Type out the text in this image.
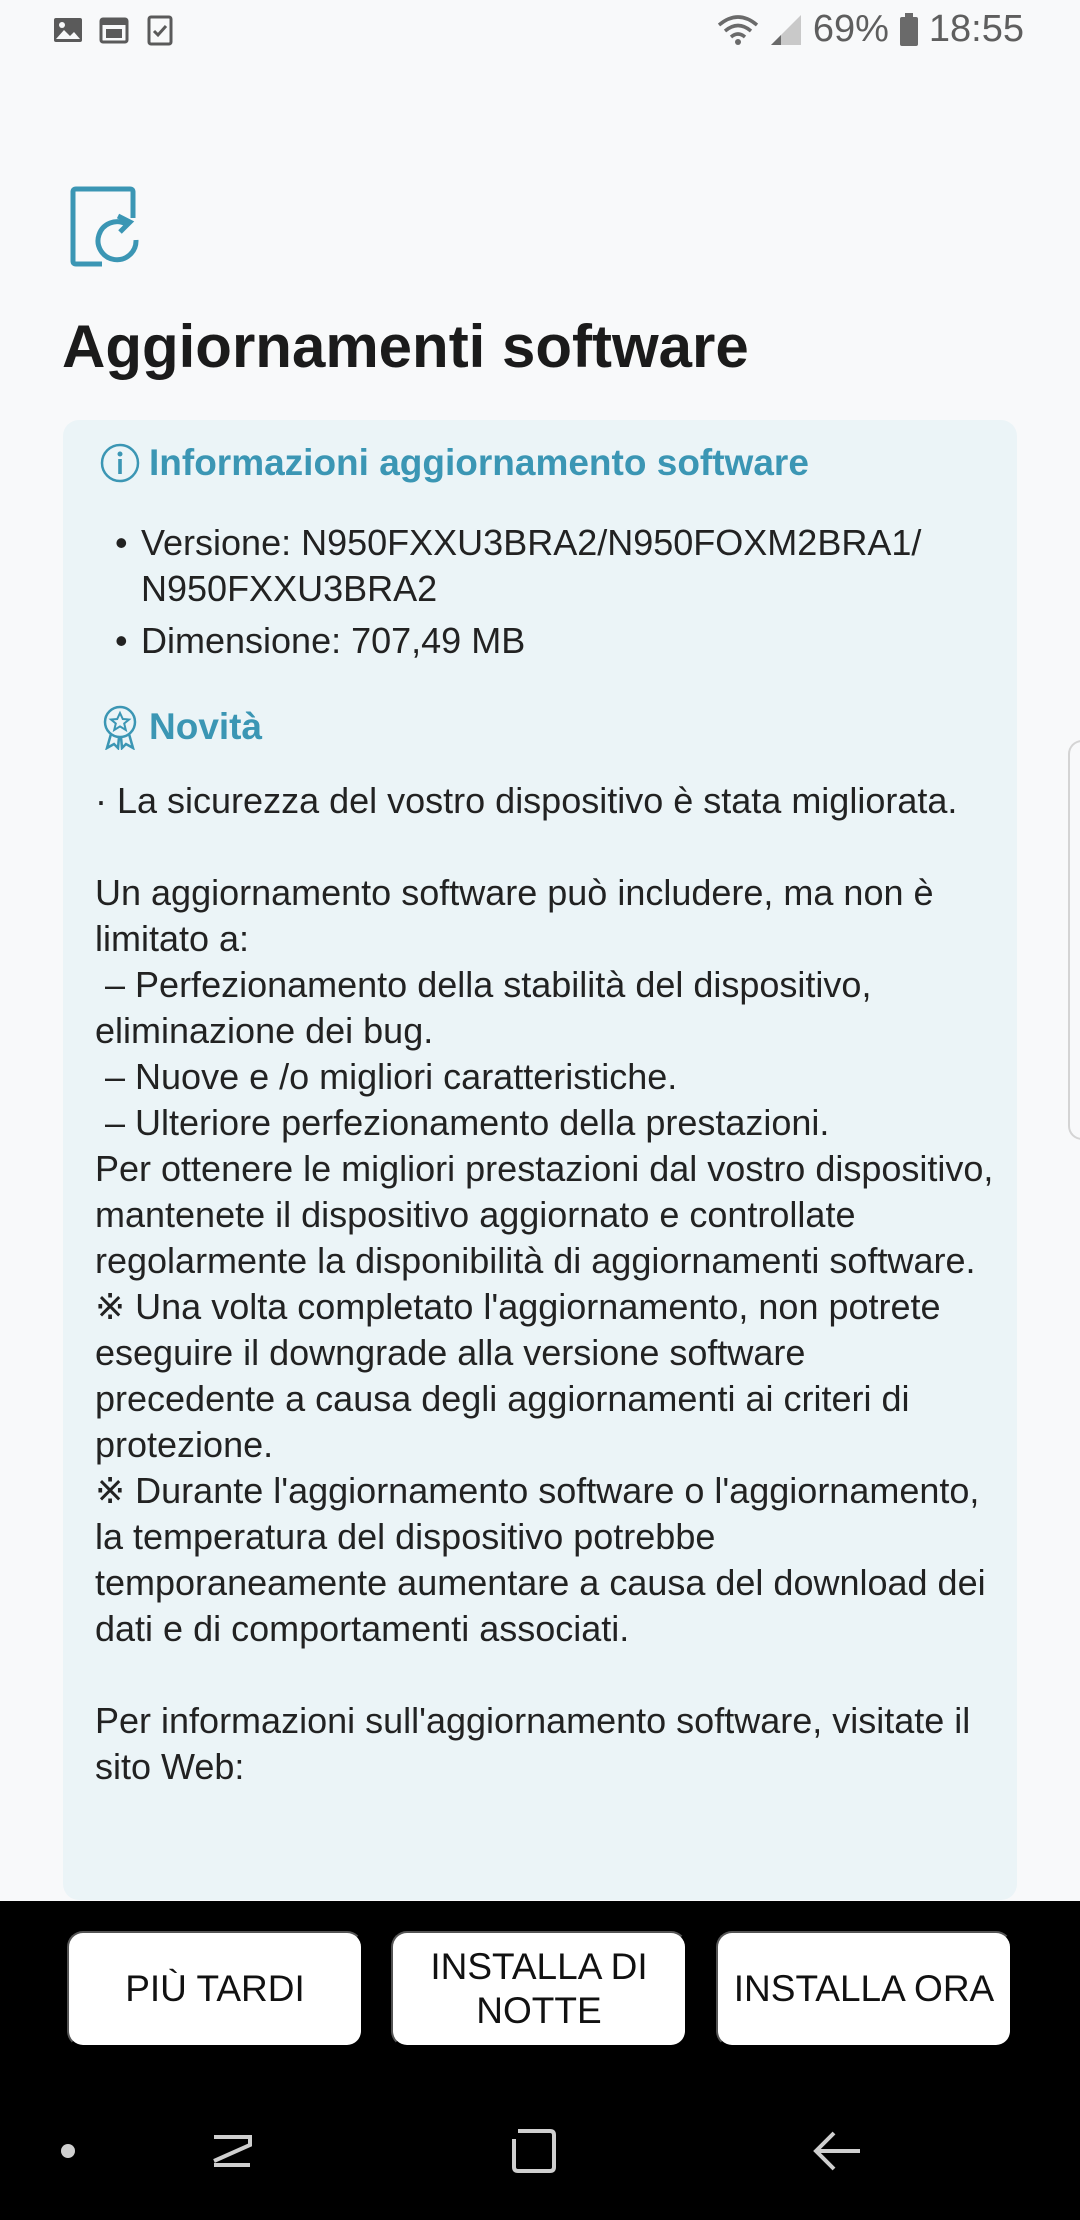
69% 18:55
Aggiornamenti software
Informazioni aggiornamento software
• Versione: N950FXXU3BRA2/N950FOXM2BRA1/
N950FXXU3BRA2
• Dimensione: 707,49 MB
Novità
· La sicurezza del vostro dispositivo è stata migliorata.

Un aggiornamento software può includere, ma non è limitato a:
– Perfezionamento della stabilità del dispositivo, eliminazione dei bug.
– Nuove e /o migliori caratteristiche.
– Ulteriore perfezionamento della prestazioni.
Per ottenere le migliori prestazioni dal vostro dispositivo, mantenete il dispositivo aggiornato e controllate regolarmente la disponibilità di aggiornamenti software.
※ Una volta completato l'aggiornamento, non potrete eseguire il downgrade alla versione software precedente a causa degli aggiornamenti ai criteri di protezione.
※ Durante l'aggiornamento software o l'aggiornamento, la temperatura del dispositivo potrebbe temporaneamente aumentare a causa del download dei dati e di comportamenti associati.

Per informazioni sull'aggiornamento software, visitate il sito Web:
PIÙ TARDI
INSTALLA DI
NOTTE
INSTALLA ORA
